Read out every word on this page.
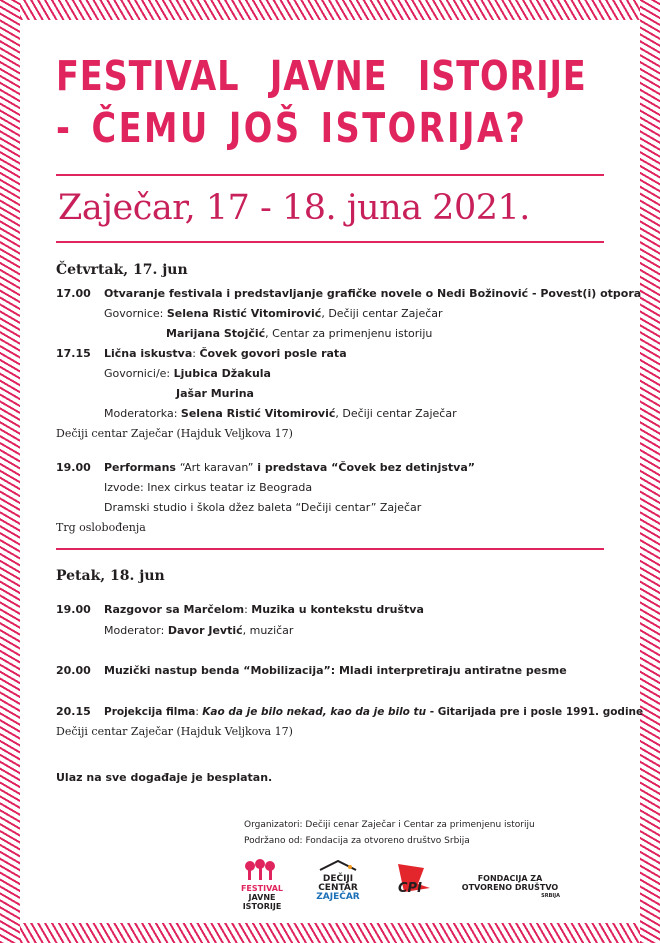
FESTIVAL JAVNE ISTORIJE
- ČEMU JOŠ ISTORIJA?
Zaječar, 17 - 18. juna 2021.
Četvrtak, 17. jun
17.00 Otvaranje festivala i predstavljanje grafičke novele o Nedi Božinović - Povest(i) otpora
Govornice: Selena Ristić Vitomirović, Dečiji centar Zaječar
Marijana Stojčić, Centar za primenjenu istoriju
17.15 Lična iskustva: Čovek govori posle rata
Govornici/e: Ljubica Džakula
Jašar Murina
Moderatorka: Selena Ristić Vitomirović, Dečiji centar Zaječar
Dečiji centar Zaječar (Hajduk Veljkova 17)
19.00 Performans “Art karavan” i predstava “Čovek bez detinjstva”
Izvode: Inex cirkus teatar iz Beograda
Dramski studio i škola džez baleta “Dečiji centar” Zaječar
Trg oslobođenja
Petak, 18. jun
19.00 Razgovor sa Marčelom: Muzika u kontekstu društva
Moderator: Davor Jevtić, muzičar
20.00 Muzički nastup benda “Mobilizacija”: Mladi interpretiraju antiratne pesme
20.15 Projekcija filma: Kao da je bilo nekad, kao da je bilo tu - Gitarijada pre i posle 1991. godine
Dečiji centar Zaječar (Hajduk Veljkova 17)
Ulaz na sve događaje je besplatan.
Organizatori: Dečiji cenar Zaječar i Centar za primenjenu istoriju
Podržano od: Fondacija za otvoreno društvo Srbija
FESTIVAL
JAVNE
ISTORIJE
DEČIJI
CENTAR
ZAJEČAR
CPI
FONDACIJA ZA
OTVORENO DRUŠTVO
SRBIJA
